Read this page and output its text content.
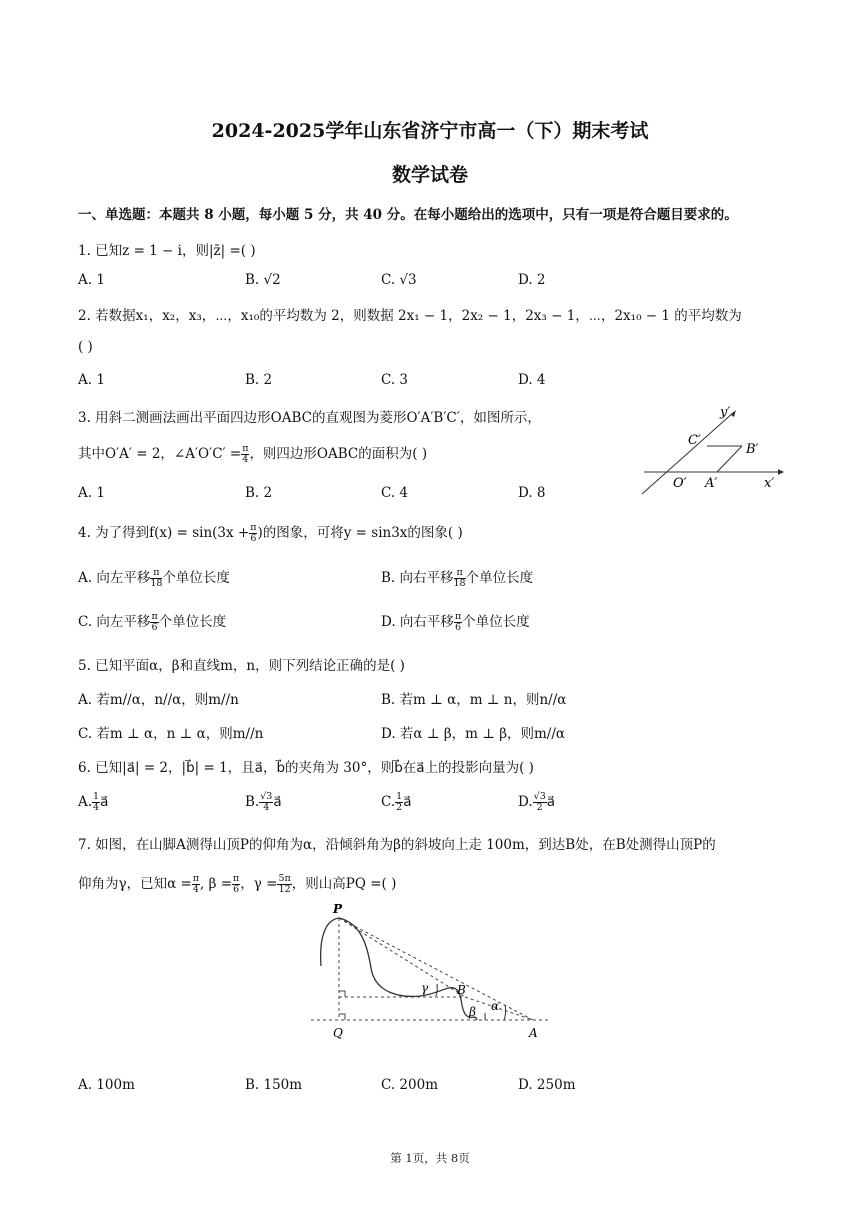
2024-2025学年山东省济宁市高一（下）期末考试
数学试卷
一、单选题：本题共 8 小题，每小题 5 分，共 40 分。在每小题给出的选项中，只有一项是符合题目要求的。
1. 已知z = 1 − i，则|z̄| =( )
A. 1	B. √2	C. √3	D. 2
2. 若数据x₁，x₂，x₃，⋯，x₁₀的平均数为 2，则数据 2x₁ − 1，2x₂ − 1，2x₃ − 1，⋯，2x₁₀ − 1 的平均数为
( )
A. 1	B. 2	C. 3	D. 4
3. 用斜二测画法画出平面四边形OABC的直观图为菱形O′A′B′C′，如图所示，
其中O′A′ = 2，∠A′O′C′ = $\frac{\pi}{4}$ ，则四边形OABC的面积为( )
A. 1	B. 2	C. 4	D. 8
y′
C′
B′
O′ A′	x′
4. 为了得到$f(x) = \sin(3x + \frac{\pi}{6}$ )的图象，可将y = sin3x的图象( )
A. 向左平移 $\frac{\pi}{18}$ 个单位长度	B. 向右平移 $\frac{\pi}{18}$ 个单位长度
C. 向左平移 $\frac{\pi}{6}$ 个单位长度	D. 向右平移 $\frac{\pi}{6}$ 个单位长度
5. 已知平面α，β和直线m，n，则下列结论正确的是( )
A. 若m//α，n//α，则m//n	B. 若m ⊥ α，m ⊥ n，则n//α
C. 若m ⊥ α，n ⊥ α，则m//n	D. 若α ⊥ β，m ⊥ β，则m//α
6. 已知|a⃗| = 2，|b⃗| = 1，且a⃗，b⃗的夹角为 30°，则b⃗在a⃗上的投影向量为( )
A. $\frac{1}{4}$ a⃗	B. $\frac{√3}{4}$ a⃗	C. $\frac{1}{2}$ a⃗	D. $\frac{√3}{2}$ a⃗
7. 如图，在山脚A测得山顶P的仰角为α，沿倾斜角为β的斜坡向上走 100m，到达B处，在B处测得山顶P的
仰角为γ，已知$\alpha = \frac{\pi}{4}$ , $\beta = \frac{\pi}{6}$ ，$\gamma = \frac{5\pi}{12}$ ，则山高PQ =( )
P
Q	A
B
γ
α
β
A. 100m	B. 150m	C. 200m	D. 250m
第 1页，共 8页
